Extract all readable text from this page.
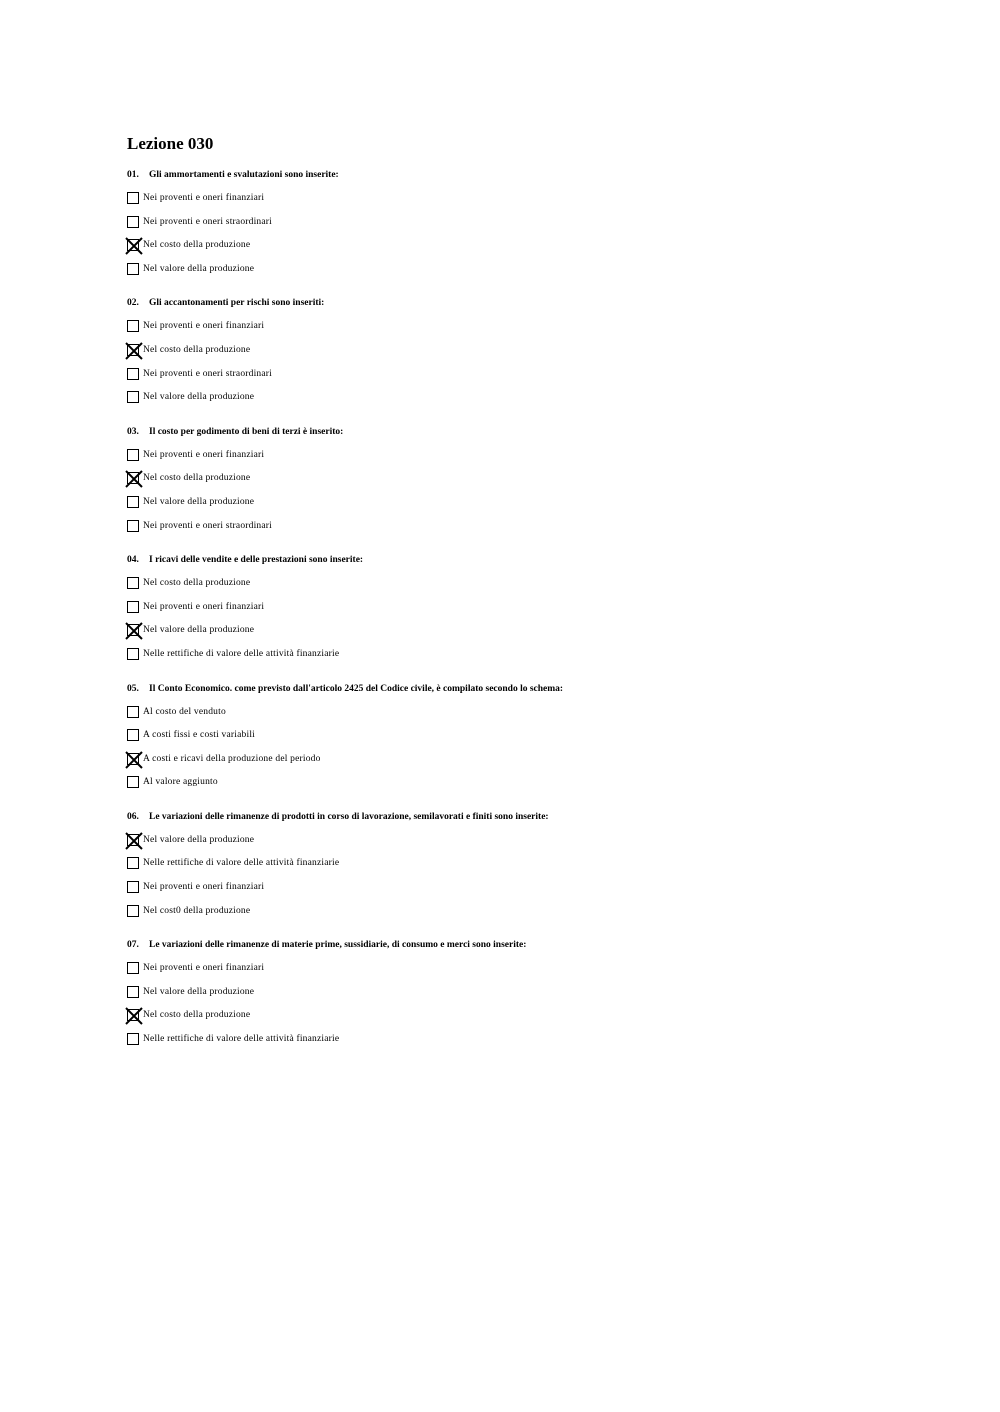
Lezione 030
01. Gli ammortamenti e svalutazioni sono inserite:
Nei proventi e oneri finanziari
Nei proventi e oneri straordinari
Nel costo della produzione
Nel valore della produzione
02. Gli accantonamenti per rischi sono inseriti:
Nei proventi e oneri finanziari
Nel costo della produzione
Nei proventi e oneri straordinari
Nel valore della produzione
03. Il costo per godimento di beni di terzi è inserito:
Nei proventi e oneri finanziari
Nel costo della produzione
Nel valore della produzione
Nei proventi e oneri straordinari
04. I ricavi delle vendite e delle prestazioni sono inserite:
Nel costo della produzione
Nei proventi e oneri finanziari
Nel valore della produzione
Nelle rettifiche di valore delle attività finanziarie
05. Il Conto Economico. come previsto dall'articolo 2425 del Codice civile, è compilato secondo lo schema:
Al costo del venduto
A costi fissi e costi variabili
A costi e ricavi della produzione del periodo
Al valore aggiunto
06. Le variazioni delle rimanenze di prodotti in corso di lavorazione, semilavorati e finiti sono inserite:
Nel valore della produzione
Nelle rettifiche di valore delle attività finanziarie
Nei proventi e oneri finanziari
Nel cost0 della produzione
07. Le variazioni delle rimanenze di materie prime, sussidiarie, di consumo e merci sono inserite:
Nei proventi e oneri finanziari
Nel valore della produzione
Nel costo della produzione
Nelle rettifiche di valore delle attività finanziarie
